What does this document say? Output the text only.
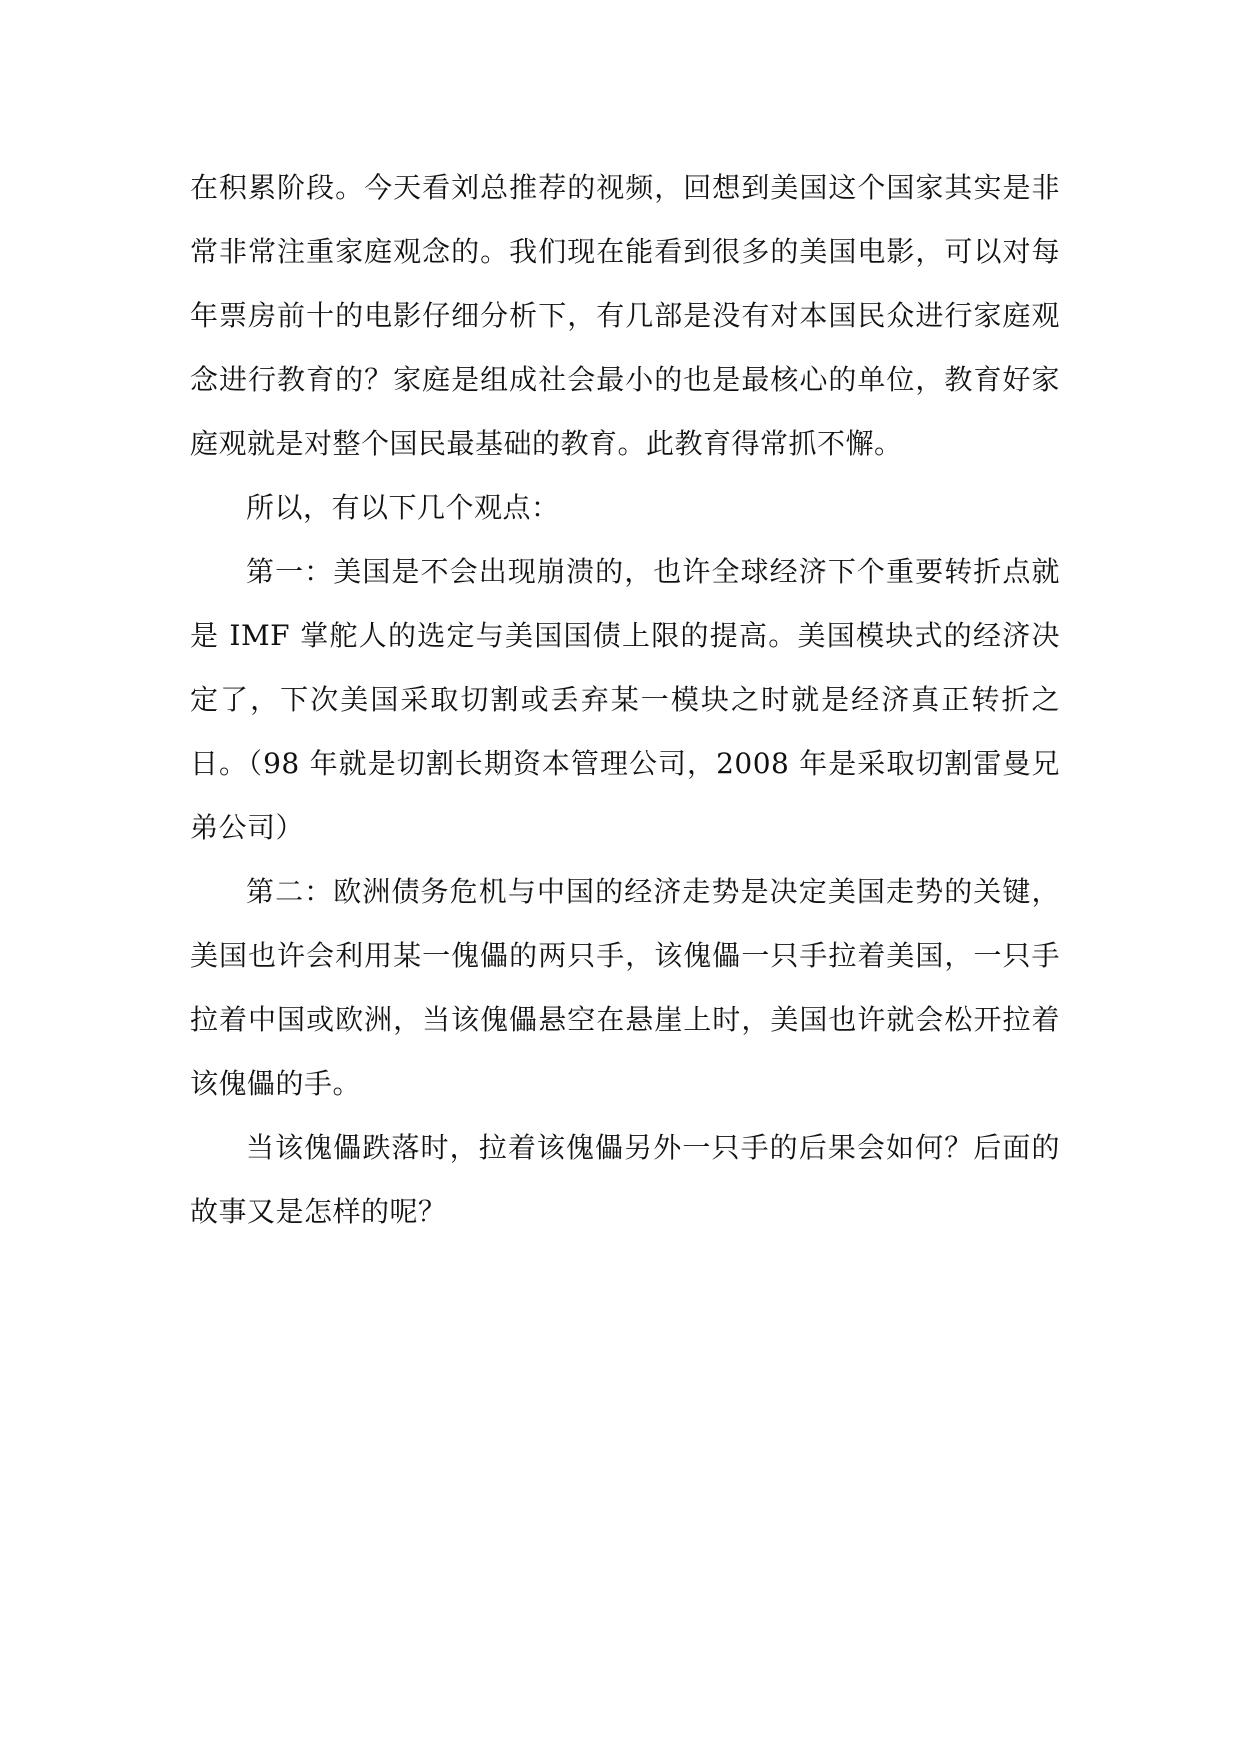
在积累阶段。今天看刘总推荐的视频，回想到美国这个国家其实是非常非常注重家庭观念的。我们现在能看到很多的美国电影，可以对每年票房前十的电影仔细分析下，有几部是没有对本国民众进行家庭观念进行教育的？家庭是组成社会最小的也是最核心的单位，教育好家庭观就是对整个国民最基础的教育。此教育得常抓不懈。

所以，有以下几个观点：

第一：美国是不会出现崩溃的，也许全球经济下个重要转折点就是 IMF 掌舵人的选定与美国国债上限的提高。美国模块式的经济决定了，下次美国采取切割或丢弃某一模块之时就是经济真正转折之日。（98 年就是切割长期资本管理公司，2008 年是采取切割雷曼兄弟公司）

第二：欧洲债务危机与中国的经济走势是决定美国走势的关键，美国也许会利用某一傀儡的两只手，该傀儡一只手拉着美国，一只手拉着中国或欧洲，当该傀儡悬空在悬崖上时，美国也许就会松开拉着该傀儡的手。

当该傀儡跌落时，拉着该傀儡另外一只手的后果会如何？后面的故事又是怎样的呢？
